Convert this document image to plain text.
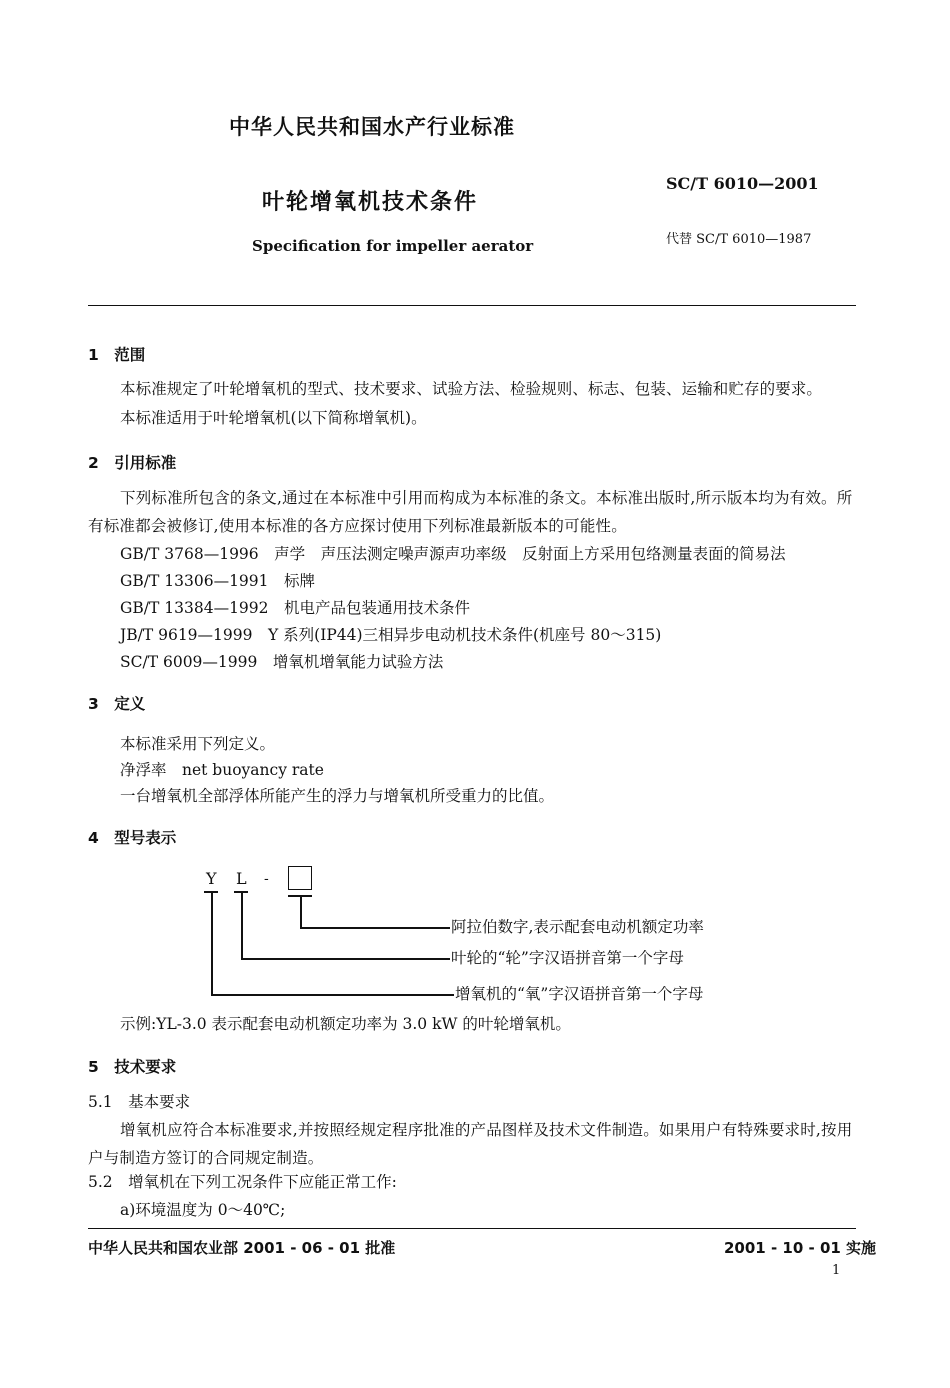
中华人民共和国水产行业标准
叶轮增氧机技术条件
Specification for impeller aerator
SC/T 6010—2001
代替 SC/T 6010—1987
1　范围
本标准规定了叶轮增氧机的型式、技术要求、试验方法、检验规则、标志、包装、运输和贮存的要求。
本标准适用于叶轮增氧机(以下简称增氧机)。
2　引用标准
下列标准所包含的条文,通过在本标准中引用而构成为本标准的条文。本标准出版时,所示版本均为有效。所有标准都会被修订,使用本标准的各方应探讨使用下列标准最新版本的可能性。
GB/T 3768—1996　声学　声压法测定噪声源声功率级　反射面上方采用包络测量表面的简易法
GB/T 13306—1991　标牌
GB/T 13384—1992　机电产品包装通用技术条件
JB/T 9619—1999　Y 系列(IP44)三相异步电动机技术条件(机座号 80～315)
SC/T 6009—1999　增氧机增氧能力试验方法
3　定义
本标准采用下列定义。
净浮率　net buoyancy rate
一台增氧机全部浮体所能产生的浮力与增氧机所受重力的比值。
4　型号表示
Y L -
阿拉伯数字,表示配套电动机额定功率
叶轮的“轮”字汉语拼音第一个字母
增氧机的“氧”字汉语拼音第一个字母
示例:YL-3.0 表示配套电动机额定功率为 3.0 kW 的叶轮增氧机。
5　技术要求
5.1　基本要求
增氧机应符合本标准要求,并按照经规定程序批准的产品图样及技术文件制造。如果用户有特殊要求时,按用户与制造方签订的合同规定制造。
5.2　增氧机在下列工况条件下应能正常工作:
a)环境温度为 0～40℃;
中华人民共和国农业部 2001 - 06 - 01 批准	2001 - 10 - 01 实施
1
